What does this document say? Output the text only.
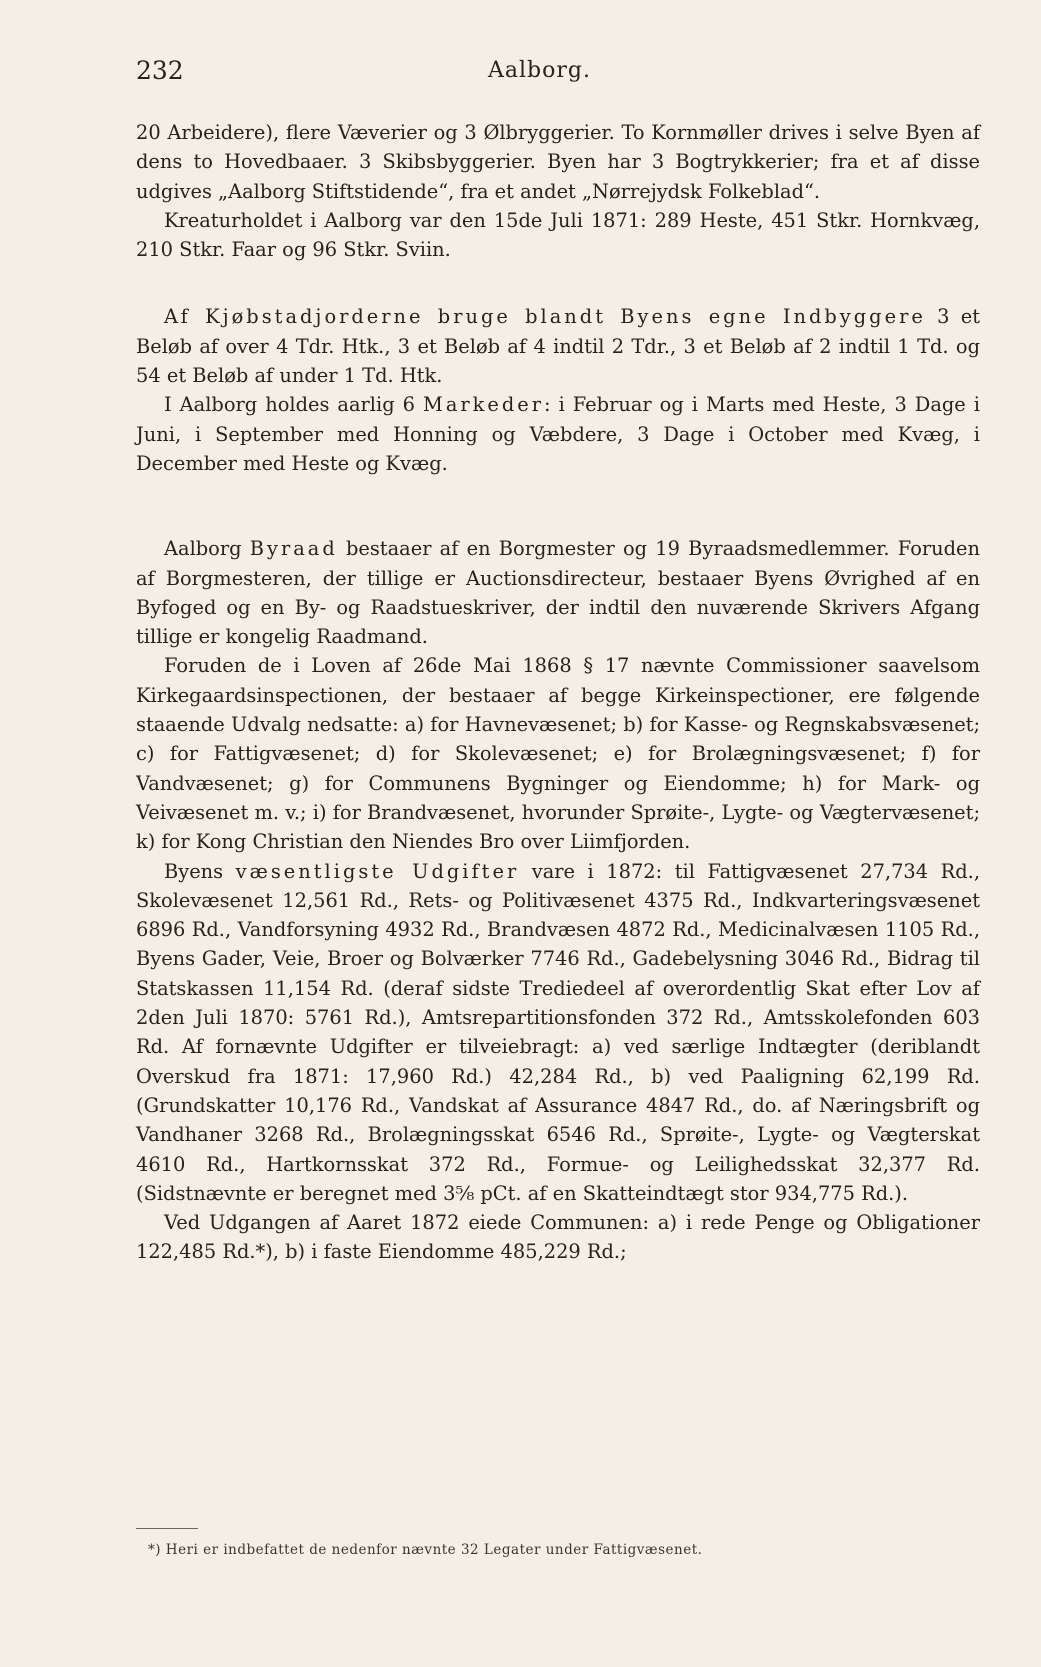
232	Aalborg.

20 Arbeidere), flere Væverier og 3 Ølbryggerier. To Kornmøller drives i selve Byen af dens to Hovedbaaer. 3 Skibsbyggerier. Byen har 3 Bogtrykkerier; fra et af disse udgives „Aalborg Stiftstidende“, fra et andet „Nørrejydsk Folkeblad“.

Kreaturholdet i Aalborg var den 15de Juli 1871: 289 Heste, 451 Stkr. Hornkvæg, 210 Stkr. Faar og 96 Stkr. Sviin.

Af Kjøbstadjorderne bruge blandt Byens egne Indbyggere 3 et Beløb af over 4 Tdr. Htk., 3 et Beløb af 4 indtil 2 Tdr., 3 et Beløb af 2 indtil 1 Td. og 54 et Beløb af under 1 Td. Htk.

I Aalborg holdes aarlig 6 Markeder: i Februar og i Marts med Heste, 3 Dage i Juni, i September med Honning og Væbdere, 3 Dage i October med Kvæg, i December med Heste og Kvæg.

Aalborg Byraad bestaaer af en Borgmester og 19 Byraadsmedlemmer. Foruden af Borgmesteren, der tillige er Auctionsdirecteur, bestaaer Byens Øvrighed af en Byfoged og en By- og Raadstueskriver, der indtil den nuværende Skrivers Afgang tillige er kongelig Raadmand.

Foruden de i Loven af 26de Mai 1868 § 17 nævnte Commissioner saavelsom Kirkegaardsinspectionen, der bestaaer af begge Kirkeinspectioner, ere følgende staaende Udvalg nedsatte: a) for Havnevæsenet; b) for Kasse- og Regnskabsvæsenet; c) for Fattigvæsenet; d) for Skolevæsenet; e) for Brolægningsvæsenet; f) for Vandvæsenet; g) for Communens Bygninger og Eiendomme; h) for Mark- og Veivæsenet m. v.; i) for Brandvæsenet, hvorunder Sprøite-, Lygte- og Vægtervæsenet; k) for Kong Christian den Niendes Bro over Liimfjorden.

Byens væsentligste Udgifter vare i 1872: til Fattigvæsenet 27,734 Rd., Skolevæsenet 12,561 Rd., Rets- og Politivæsenet 4375 Rd., Indkvarteringsvæsenet 6896 Rd., Vandforsyning 4932 Rd., Brandvæsen 4872 Rd., Medicinalvæsen 1105 Rd., Byens Gader, Veie, Broer og Bolværker 7746 Rd., Gadebelysning 3046 Rd., Bidrag til Statskassen 11,154 Rd. (deraf sidste Trediedeel af overordentlig Skat efter Lov af 2den Juli 1870: 5761 Rd.), Amtsrepartitionsfonden 372 Rd., Amtsskolefonden 603 Rd. Af fornævnte Udgifter er tilveiebragt: a) ved særlige Indtægter (deriblandt Overskud fra 1871: 17,960 Rd.) 42,284 Rd., b) ved Paaligning 62,199 Rd. (Grundskatter 10,176 Rd., Vandskat af Assurance 4847 Rd., do. af Næringsbrift og Vandhaner 3268 Rd., Brolægningsskat 6546 Rd., Sprøite-, Lygte- og Vægterskat 4610 Rd., Hartkornsskat 372 Rd., Formue- og Leilighedsskat 32,377 Rd. (Sidstnævnte er beregnet med 3⁵⁄₈ pCt. af en Skatteindtægt stor 934,775 Rd.).

Ved Udgangen af Aaret 1872 eiede Communen: a) i rede Penge og Obligationer 122,485 Rd.*), b) i faste Eiendomme 485,229 Rd.;

*) Heri er indbefattet de nedenfor nævnte 32 Legater under Fattigvæsenet.
